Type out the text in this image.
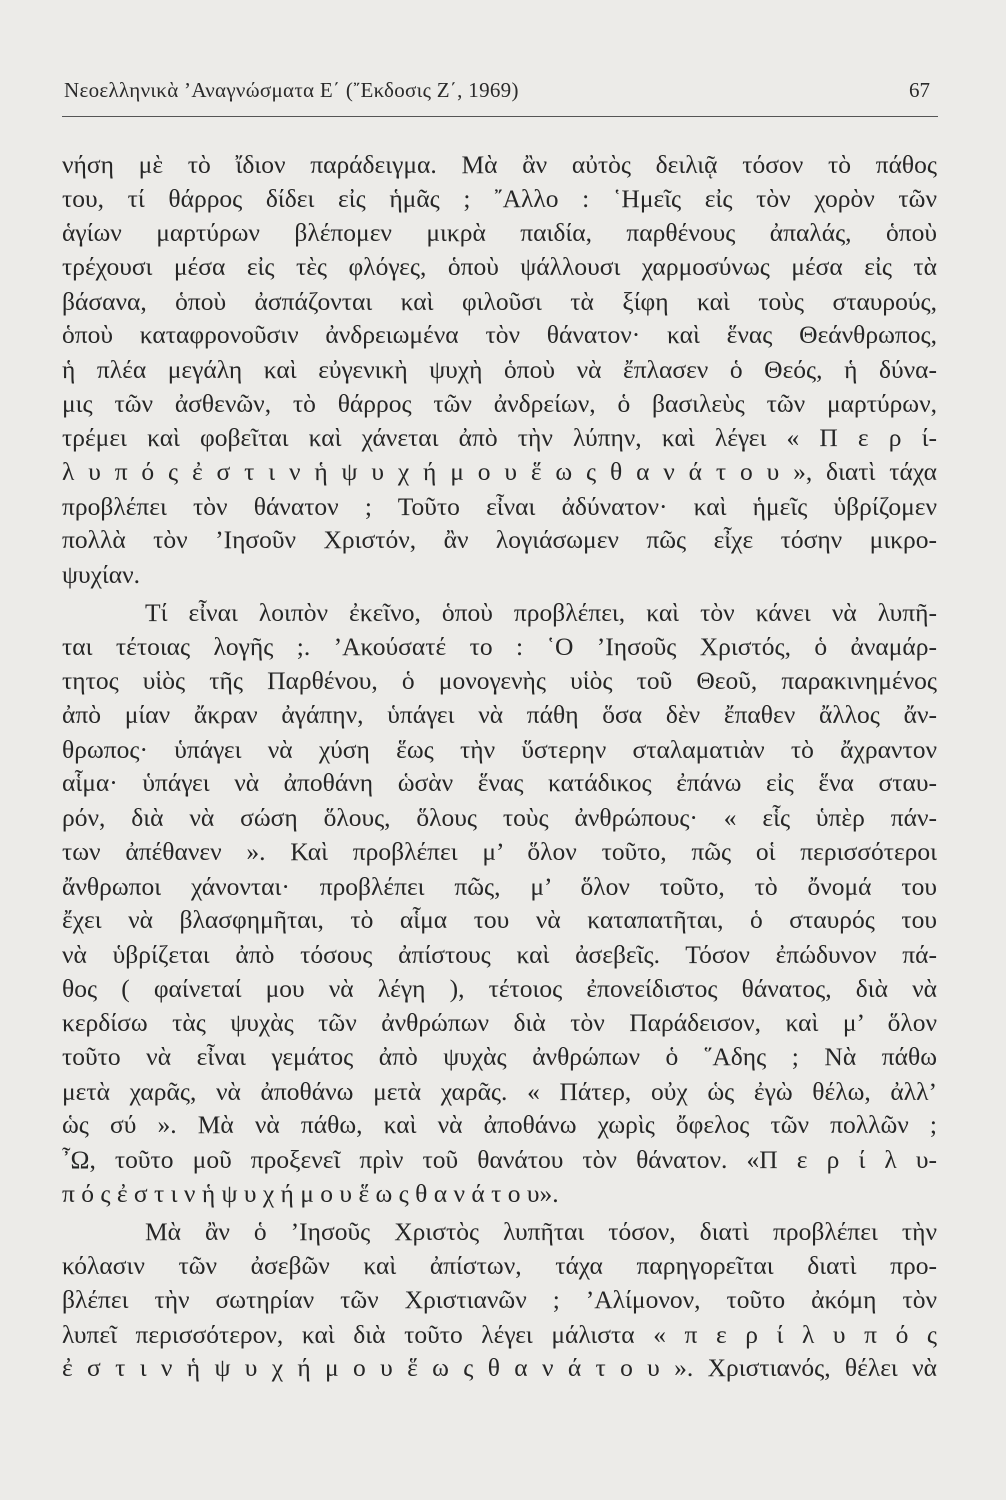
Νεοελληνικὰ ’Αναγνώσματα Ε΄ (῎Εκδοσις Ζ΄, 1969)	67
νήση μὲ τὸ ἴδιον παράδειγμα. Μὰ ἂν αὐτὸς δειλιᾷ τόσον τὸ πάθος
του, τί θάρρος δίδει εἰς ἡμᾶς ; ῎Αλλο : ῾Ημεῖς εἰς τὸν χορὸν τῶν
ἁγίων μαρτύρων βλέπομεν μικρὰ παιδία, παρθένους ἀπαλάς, ὁποὺ
τρέχουσι μέσα εἰς τὲς φλόγες, ὁποὺ ψάλλουσι χαρμοσύνως μέσα εἰς τὰ
βάσανα, ὁποὺ ἀσπάζονται καὶ φιλοῦσι τὰ ξίφη καὶ τοὺς σταυρούς,
ὁποὺ καταφρονοῦσιν ἀνδρειωμένα τὸν θάνατον· καὶ ἕνας Θεάνθρωπος,
ἡ πλέα μεγάλη καὶ εὐγενικὴ ψυχὴ ὁποὺ νὰ ἔπλασεν ὁ Θεός, ἡ δύνα-
μις τῶν ἀσθενῶν, τὸ θάρρος τῶν ἀνδρείων, ὁ βασιλεὺς τῶν μαρτύρων,
τρέμει καὶ φοβεῖται καὶ χάνεται ἀπὸ τὴν λύπην, καὶ λέγει « Π ε ρ ί-
λ υ π ό ς ἐ σ τ ι ν ἡ ψ υ χ ή μ ο υ ἕ ω ς θ α ν ά τ ο υ », διατὶ τάχα
προβλέπει τὸν θάνατον ; Τοῦτο εἶναι ἀδύνατον· καὶ ἡμεῖς ὑβρίζομεν
πολλὰ τὸν ’Ιησοῦν Χριστόν, ἂν λογιάσωμεν πῶς εἶχε τόσην μικρο-
ψυχίαν.
Τί εἶναι λοιπὸν ἐκεῖνο, ὁποὺ προβλέπει, καὶ τὸν κάνει νὰ λυπῆ-
ται τέτοιας λογῆς ;. ’Ακούσατέ το : ῾Ο ’Ιησοῦς Χριστός, ὁ ἀναμάρ-
τητος υἱὸς τῆς Παρθένου, ὁ μονογενὴς υἱὸς τοῦ Θεοῦ, παρακινημένος
ἀπὸ μίαν ἄκραν ἀγάπην, ὑπάγει νὰ πάθη ὅσα δὲν ἔπαθεν ἄλλος ἄν-
θρωπος· ὑπάγει νὰ χύση ἕως τὴν ὕστερην σταλαματιὰν τὸ ἄχραντον
αἷμα· ὑπάγει νὰ ἀποθάνη ὡσὰν ἕνας κατάδικος ἐπάνω εἰς ἕνα σταυ-
ρόν, διὰ νὰ σώση ὅλους, ὅλους τοὺς ἀνθρώπους· « εἷς ὑπὲρ πάν-
των ἀπέθανεν ». Καὶ προβλέπει μ’ ὅλον τοῦτο, πῶς οἱ περισσότεροι
ἄνθρωποι χάνονται· προβλέπει πῶς, μ’ ὅλον τοῦτο, τὸ ὄνομά του
ἔχει νὰ βλασφημῆται, τὸ αἷμα του νὰ καταπατῆται, ὁ σταυρός του
νὰ ὑβρίζεται ἀπὸ τόσους ἀπίστους καὶ ἀσεβεῖς. Τόσον ἐπώδυνον πά-
θος ( φαίνεταί μου νὰ λέγη ), τέτοιος ἐπονείδιστος θάνατος, διὰ νὰ
κερδίσω τὰς ψυχὰς τῶν ἀνθρώπων διὰ τὸν Παράδεισον, καὶ μ’ ὅλον
τοῦτο νὰ εἶναι γεμάτος ἀπὸ ψυχὰς ἀνθρώπων ὁ ῞Αδης ; Νὰ πάθω
μετὰ χαρᾶς, νὰ ἀποθάνω μετὰ χαρᾶς. « Πάτερ, οὐχ ὡς ἐγὼ θέλω, ἀλλ’
ὡς σύ ». Μὰ νὰ πάθω, καὶ νὰ ἀποθάνω χωρὶς ὄφελος τῶν πολλῶν ;
῏Ω, τοῦτο μοῦ προξενεῖ πρὶν τοῦ θανάτου τὸν θάνατον. «Π ε ρ ί λ υ-
π ό ς ἐ σ τ ι ν ἡ ψ υ χ ή μ ο υ ἕ ω ς θ α ν ά τ ο υ».
Μὰ ἂν ὁ ’Ιησοῦς Χριστὸς λυπῆται τόσον, διατὶ προβλέπει τὴν
κόλασιν τῶν ἀσεβῶν καὶ ἀπίστων, τάχα παρηγορεῖται διατὶ προ-
βλέπει τὴν σωτηρίαν τῶν Χριστιανῶν ; ’Αλίμονον, τοῦτο ἀκόμη τὸν
λυπεῖ περισσότερον, καὶ διὰ τοῦτο λέγει μάλιστα « π ε ρ ί λ υ π ό ς
ἐ σ τ ι ν ἡ ψ υ χ ή μ ο υ ἕ ω ς θ α ν ά τ ο υ ». Χριστιανός, θέλει νὰ
